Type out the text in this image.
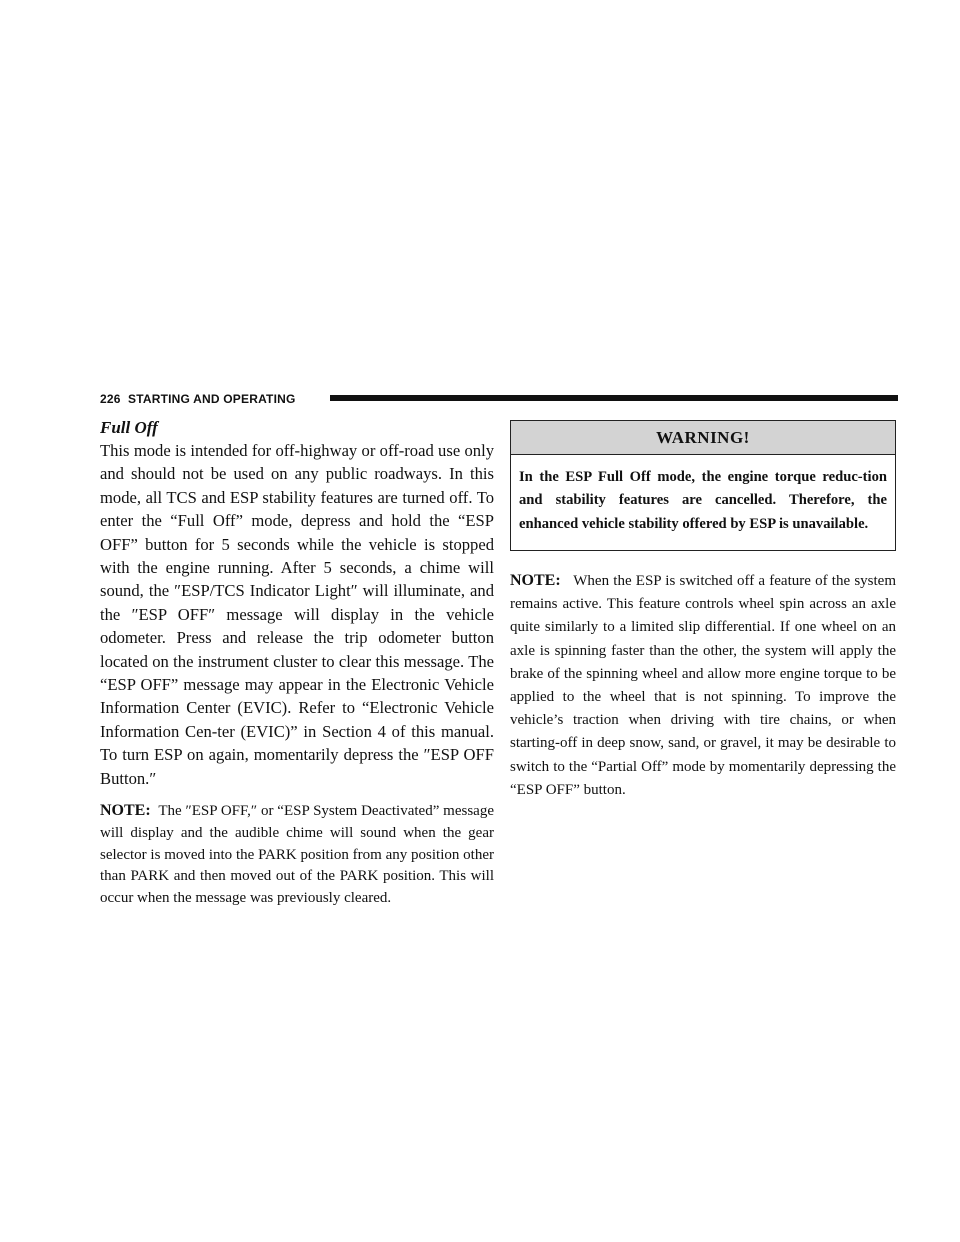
226 STARTING AND OPERATING

Full Off

This mode is intended for off-highway or off-road use only and should not be used on any public roadways. In this mode, all TCS and ESP stability features are turned off. To enter the “Full Off” mode, depress and hold the “ESP OFF” button for 5 seconds while the vehicle is stopped with the engine running. After 5 seconds, a chime will sound, the ″ESP/TCS Indicator Light″ will illuminate, and the ″ESP OFF″ message will display in the vehicle odometer. Press and release the trip odometer button located on the instrument cluster to clear this message. The “ESP OFF” message may appear in the Electronic Vehicle Information Center (EVIC). Refer to “Electronic Vehicle Information Cen-ter (EVIC)” in Section 4 of this manual. To turn ESP on again, momentarily depress the ″ESP OFF Button.″

NOTE: The ″ESP OFF,″ or “ESP System Deactivated” message will display and the audible chime will sound when the gear selector is moved into the PARK position from any position other than PARK and then moved out of the PARK position. This will occur when the message was previously cleared.

WARNING!
In the ESP Full Off mode, the engine torque reduc-tion and stability features are cancelled. Therefore, the enhanced vehicle stability offered by ESP is unavailable.

NOTE: When the ESP is switched off a feature of the system remains active. This feature controls wheel spin across an axle quite similarly to a limited slip differential. If one wheel on an axle is spinning faster than the other, the system will apply the brake of the spinning wheel and allow more engine torque to be applied to the wheel that is not spinning. To improve the vehicle’s traction when driving with tire chains, or when starting-off in deep snow, sand, or gravel, it may be desirable to switch to the “Partial Off” mode by momentarily depressing the “ESP OFF” button.
